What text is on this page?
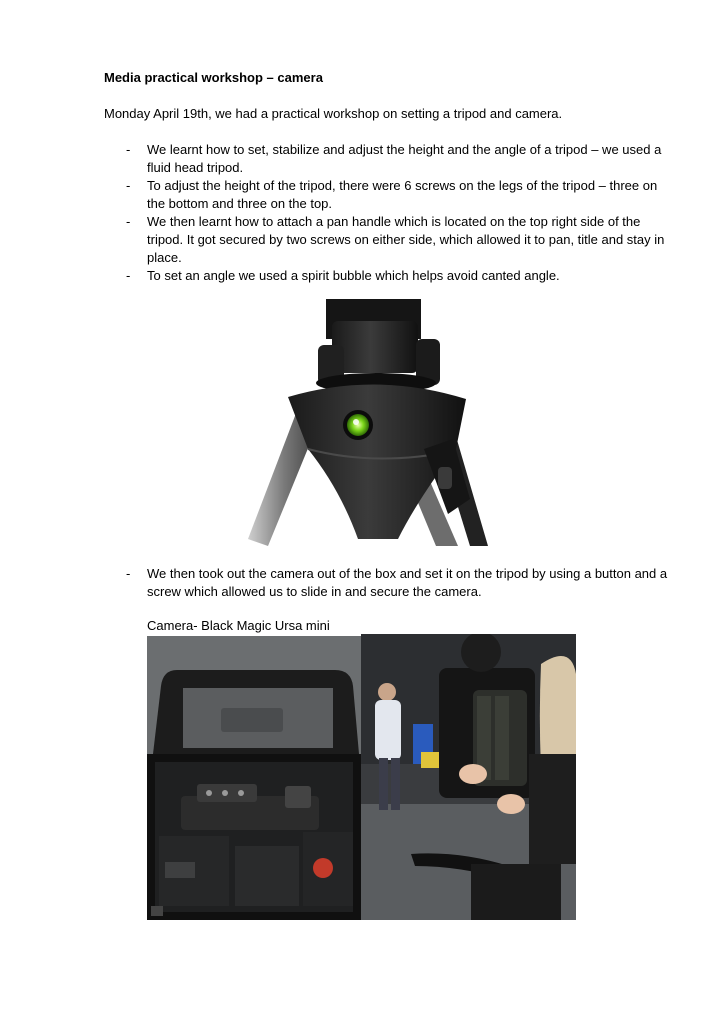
Media practical workshop – camera

Monday April 19th, we had a practical workshop on setting a tripod and camera.

- We learnt how to set, stabilize and adjust the height and the angle of a tripod – we used a fluid head tripod.
- To adjust the height of the tripod, there were 6 screws on the legs of the tripod – three on the bottom and three on the top.
- We then learnt how to attach a pan handle which is located on the top right side of the tripod. It got secured by two screws on either side, which allowed it to pan, title and stay in place.
- To set an angle we used a spirit bubble which helps avoid canted angle.
- We then took out the camera out of the box and set it on the tripod by using a button and a screw which allowed us to slide in and secure the camera.

Camera- Black Magic Ursa mini
